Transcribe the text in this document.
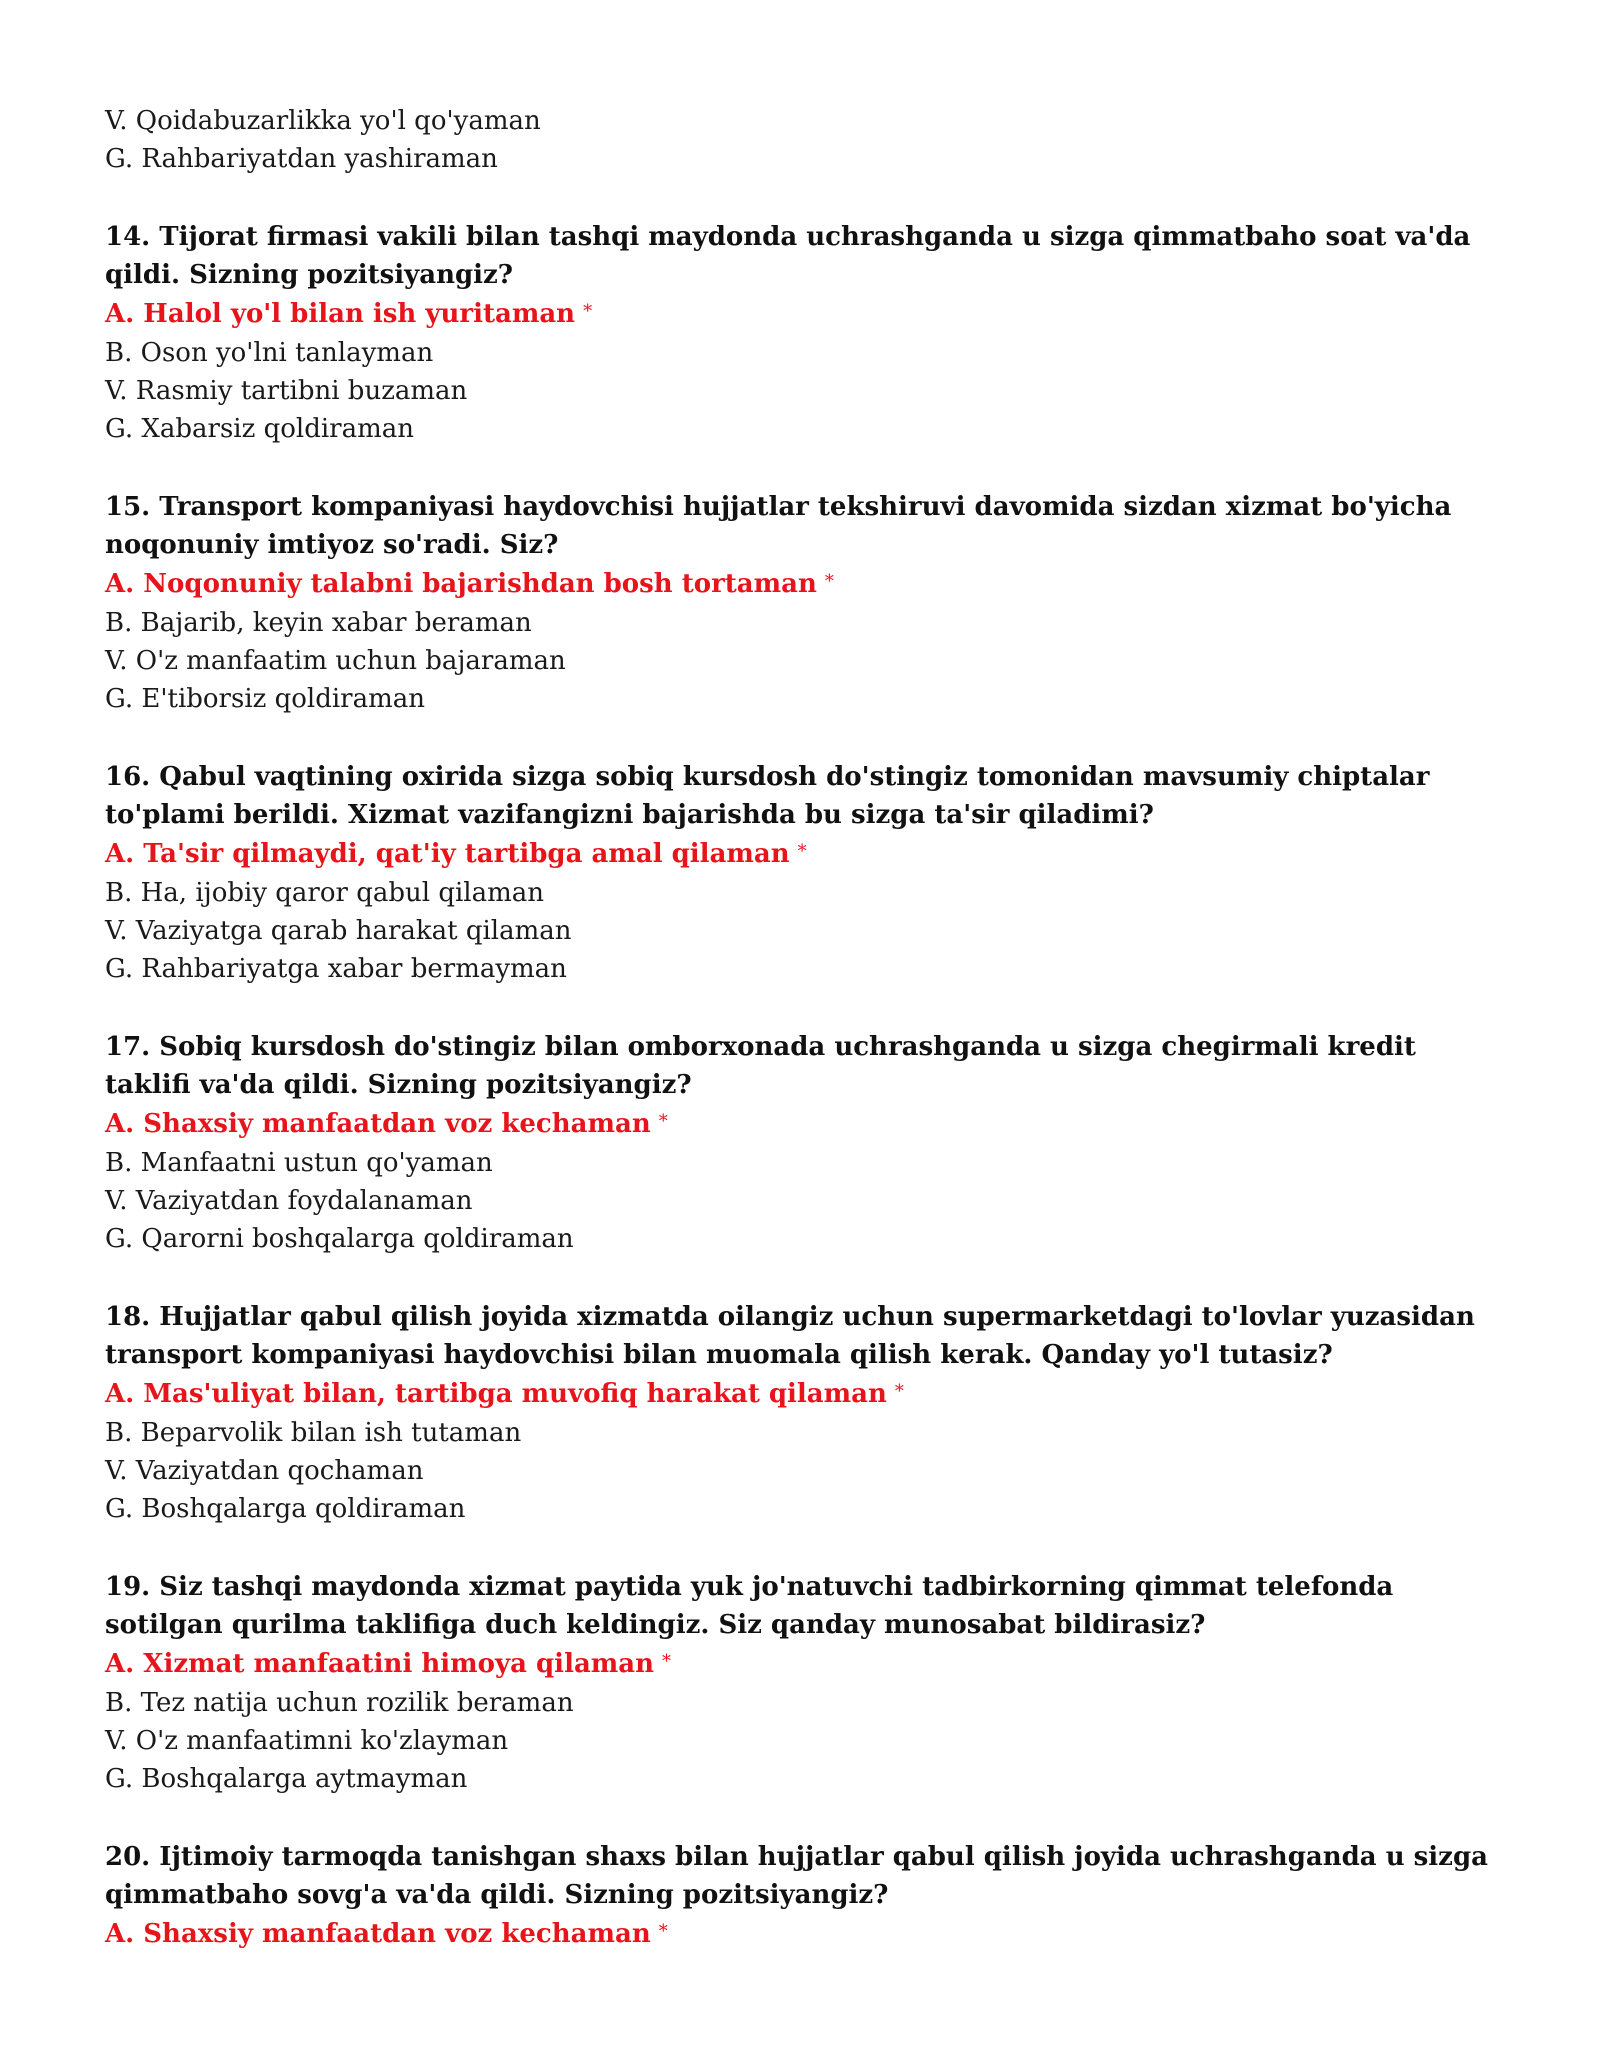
V. Qoidabuzarlikka yo'l qo'yaman
G. Rahbariyatdan yashiraman
14. Tijorat firmasi vakili bilan tashqi maydonda uchrashganda u sizga qimmatbaho soat va'da qildi. Sizning pozitsiyangiz?
A. Halol yo'l bilan ish yuritaman *
B. Oson yo'lni tanlayman
V. Rasmiy tartibni buzaman
G. Xabarsiz qoldiraman
15. Transport kompaniyasi haydovchisi hujjatlar tekshiruvi davomida sizdan xizmat bo'yicha noqonuniy imtiyoz so'radi. Siz?
A. Noqonuniy talabni bajarishdan bosh tortaman *
B. Bajarib, keyin xabar beraman
V. O'z manfaatim uchun bajaraman
G. E'tiborsiz qoldiraman
16. Qabul vaqtining oxirida sizga sobiq kursdosh do'stingiz tomonidan mavsumiy chiptalar to'plami berildi. Xizmat vazifangizni bajarishda bu sizga ta'sir qiladimi?
A. Ta'sir qilmaydi, qat'iy tartibga amal qilaman *
B. Ha, ijobiy qaror qabul qilaman
V. Vaziyatga qarab harakat qilaman
G. Rahbariyatga xabar bermayman
17. Sobiq kursdosh do'stingiz bilan omborxonada uchrashganda u sizga chegirmali kredit taklifi va'da qildi. Sizning pozitsiyangiz?
A. Shaxsiy manfaatdan voz kechaman *
B. Manfaatni ustun qo'yaman
V. Vaziyatdan foydalanaman
G. Qarorni boshqalarga qoldiraman
18. Hujjatlar qabul qilish joyida xizmatda oilangiz uchun supermarketdagi to'lovlar yuzasidan transport kompaniyasi haydovchisi bilan muomala qilish kerak. Qanday yo'l tutasiz?
A. Mas'uliyat bilan, tartibga muvofiq harakat qilaman *
B. Beparvolik bilan ish tutaman
V. Vaziyatdan qochaman
G. Boshqalarga qoldiraman
19. Siz tashqi maydonda xizmat paytida yuk jo'natuvchi tadbirkorning qimmat telefonda sotilgan qurilma taklifiga duch keldingiz. Siz qanday munosabat bildirasiz?
A. Xizmat manfaatini himoya qilaman *
B. Tez natija uchun rozilik beraman
V. O'z manfaatimni ko'zlayman
G. Boshqalarga aytmayman
20. Ijtimoiy tarmoqda tanishgan shaxs bilan hujjatlar qabul qilish joyida uchrashganda u sizga qimmatbaho sovg'a va'da qildi. Sizning pozitsiyangiz?
A. Shaxsiy manfaatdan voz kechaman *
